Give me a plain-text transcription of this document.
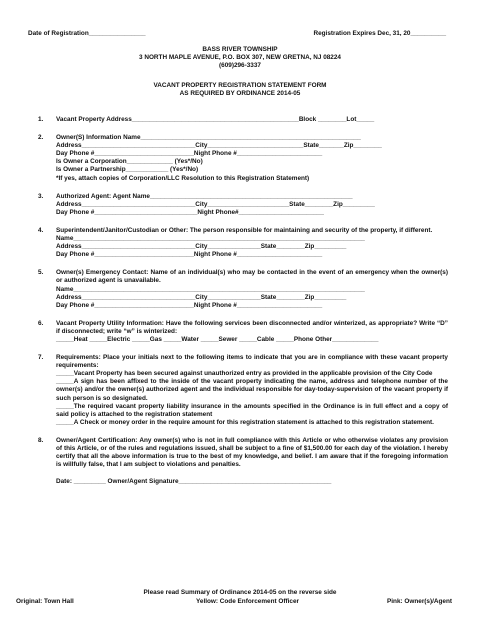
Date of Registration________________	Registration Expires Dec, 31, 20__________
BASS RIVER TOWNSHIP
3 NORTH MAPLE AVENUE, P.O. BOX 307, NEW GRETNA, NJ 08224
(609)296-3337
VACANT PROPERTY REGISTRATION STATEMENT FORM
AS REQUIRED BY ORDINANCE 2014-05
1. Vacant Property Address_______________________________________________Block ________Lot_____
2. Owner(S) Information Name______________________________________________________________
Address________________________________City___________________________State_______Zip________
Day Phone #____________________________Night Phone #________________________
Is Owner a Corporation_____________ (Yes*/No)
Is Owner a Partnership____________ (Yes*/No)
*If yes, attach copies of Corporation/LLC Resolution to this Registration Statement)
3. Authorized Agent: Agent Name_________________________________________________________
Address________________________________City_______________________State________Zip_________
Day Phone #_____________________________Night Phone#________________________
4. Superintendent/Janitor/Custodian or Other: The person responsible for maintaining and security of the property, if different.
Name__________________________________________________________________________________
Address________________________________City_______________State________Zip_________
Day Phone #____________________________Night Phone #________________________
5. Owner(s) Emergency Contact: Name of an individual(s) who may be contacted in the event of an emergency when the owner(s) or authorized agent is unavailable.
Name__________________________________________________________________________________
Address________________________________City_______________State________Zip_________
Day Phone #____________________________Night Phone #________________________
6. Vacant Property Utility Information: Have the following services been disconnected and/or winterized, as appropriate? Write “D” if disconnected; write “w” is winterized:
_____Heat _____Electric _____Gas _____Water _____Sewer _____Cable _____Phone Other_____________
7. Requirements: Place your initials next to the following items to indicate that you are in compliance with these vacant property requirements:
_____Vacant Property has been secured against unauthorized entry as provided in the applicable provision of the City Code
_____A sign has been affixed to the inside of the vacant property indicating the name, address and telephone number of the owner(s) and/or the owner(s) authorized agent and the individual responsible for day-today-supervision of the vacant property if such person is so designated.
_____The required vacant property liability insurance in the amounts specified in the Ordinance is in full effect and a copy of said policy is attached to the registration statement
_____A Check or money order in the require amount for this registration statement is attached to this registration statement.
8. Owner/Agent Certification: Any owner(s) who is not in full compliance with this Article or who otherwise violates any provision of this Article, or of the rules and regulations issued, shall be subject to a fine of $1,500.00 for each day of the violation. I hereby certify that all the above information is true to the best of my knowledge, and belief. I am aware that if the foregoing information is willfully false, that I am subject to violations and penalties.
Date: _________ Owner/Agent Signature___________________________________________
Please read Summary of Ordinance 2014-05 on the reverse side
Original: Town Hall	Yellow: Code Enforcement Officer	Pink: Owner(s)/Agent
